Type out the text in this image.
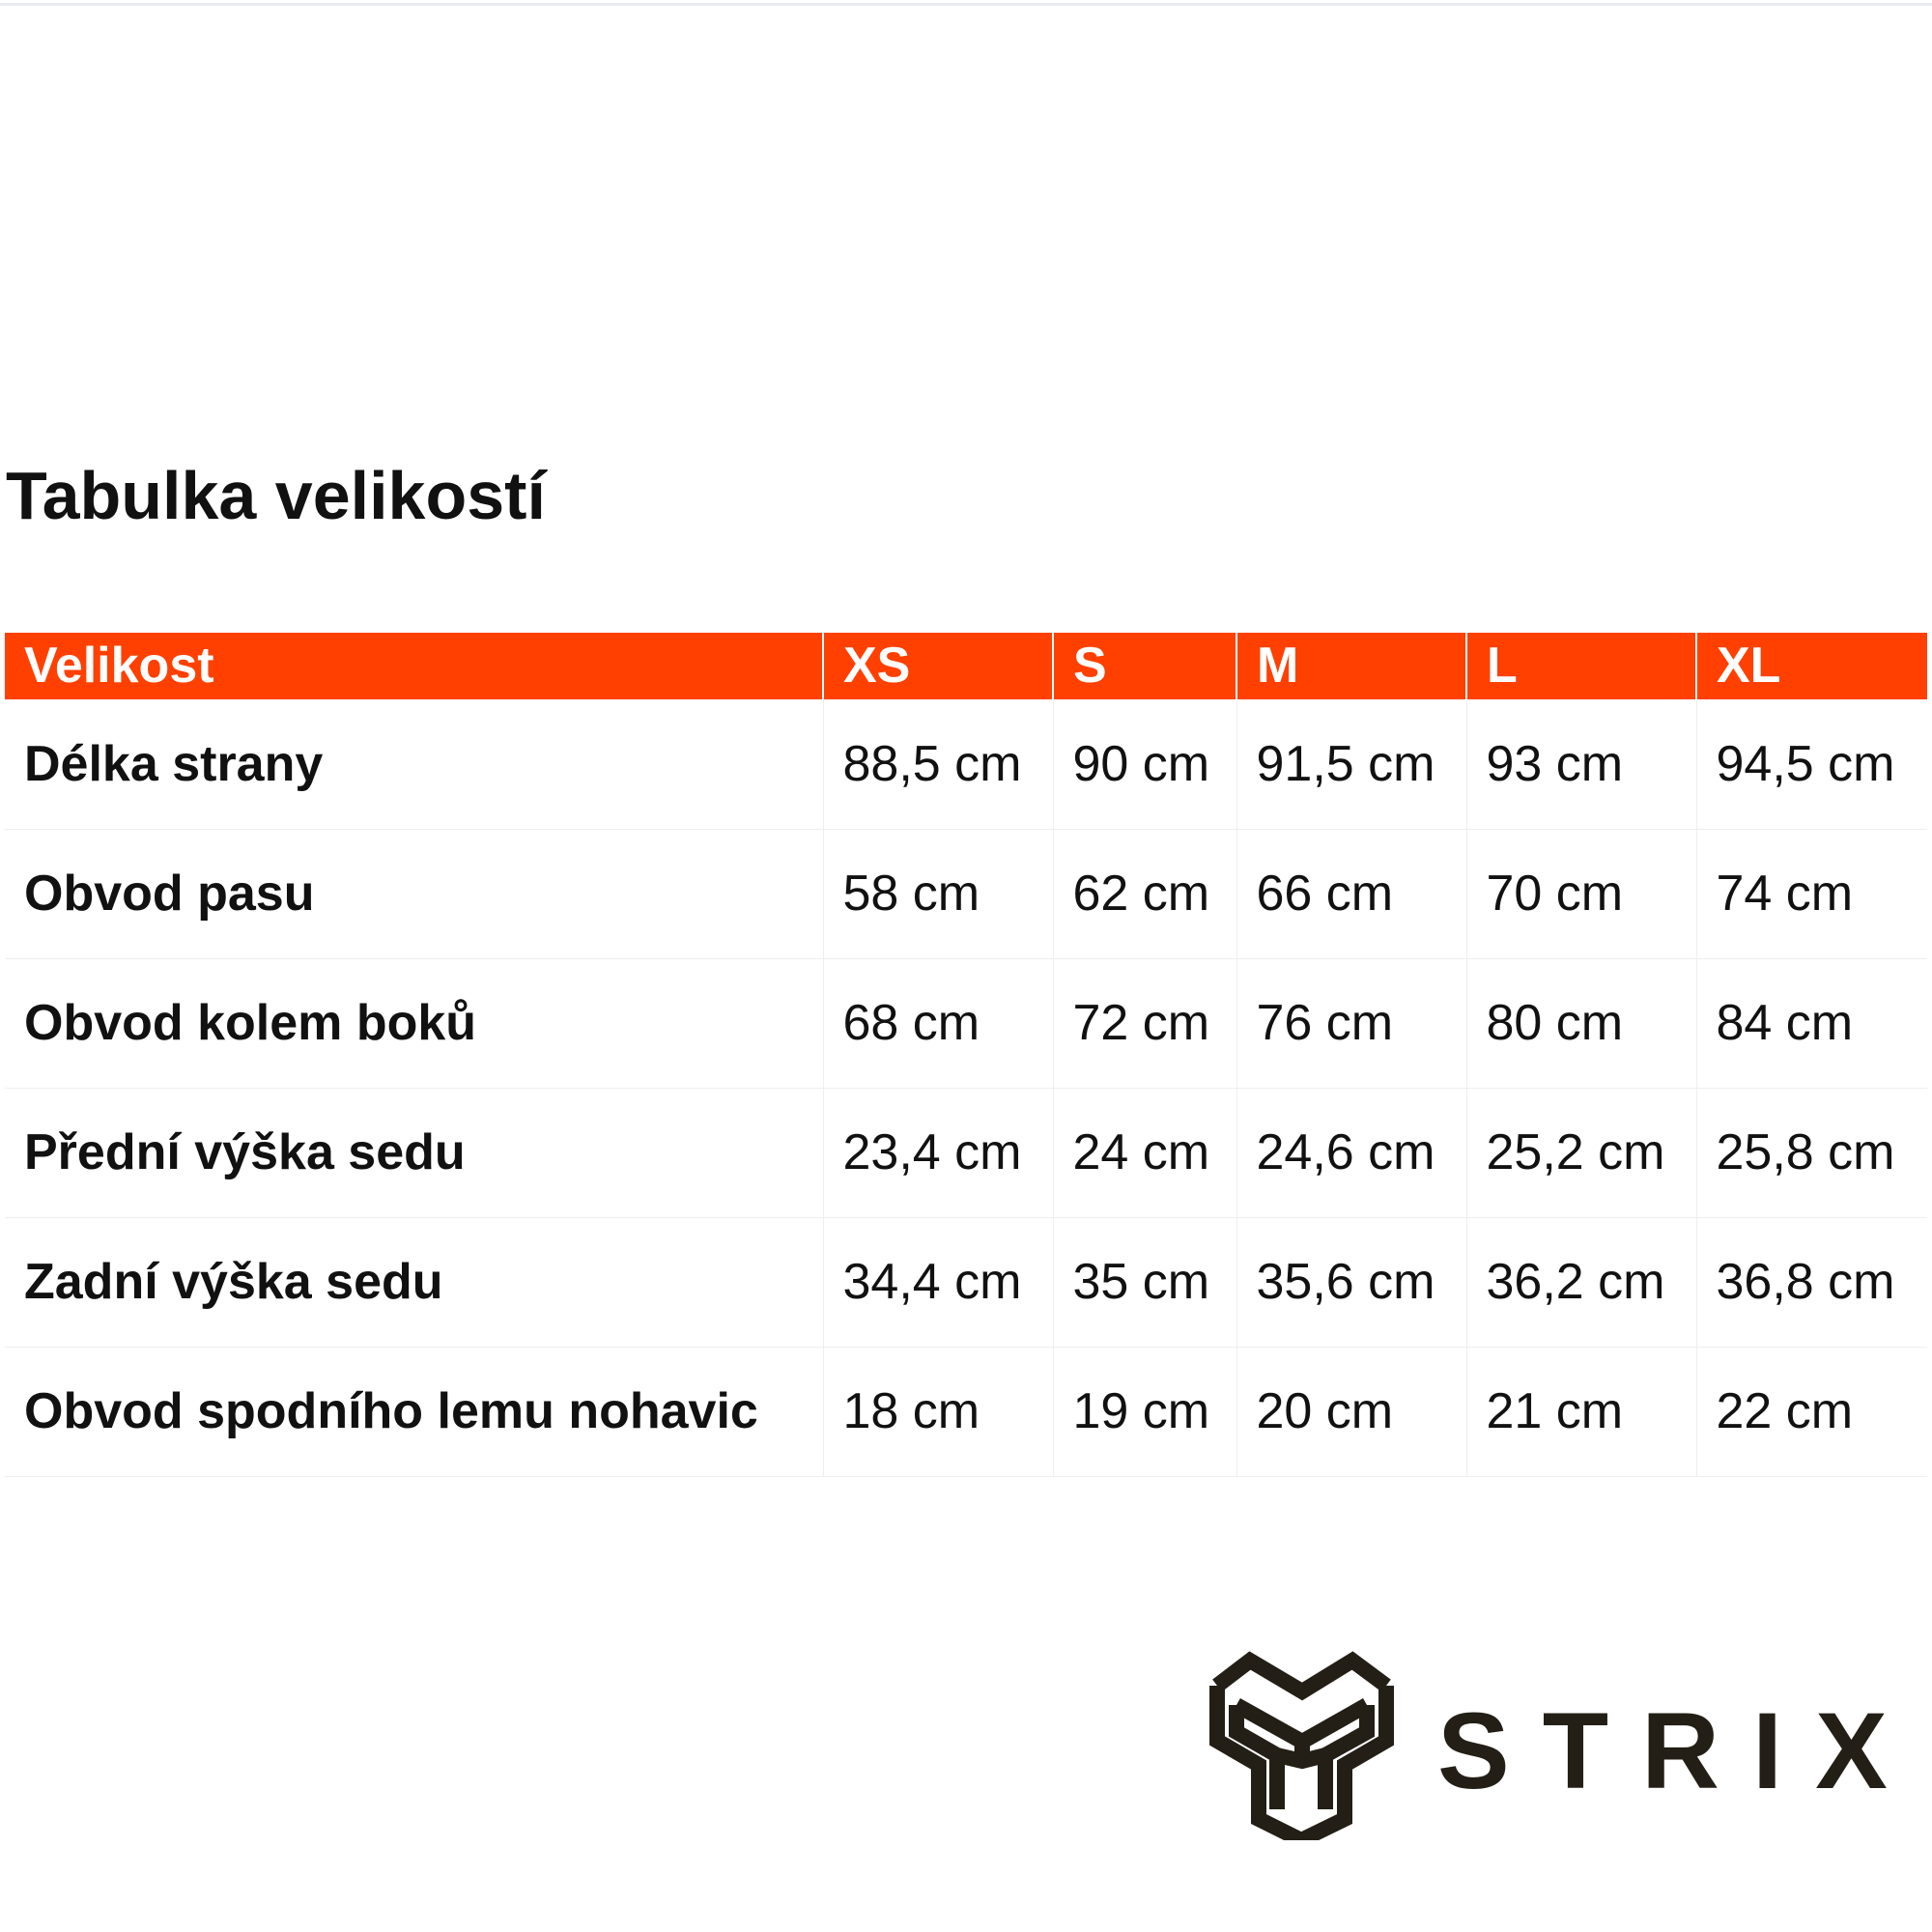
Tabulka velikostí
Velikost	XS	S	M	L	XL
Délka strany	88,5 cm	90 cm	91,5 cm	93 cm	94,5 cm
Obvod pasu	58 cm	62 cm	66 cm	70 cm	74 cm
Obvod kolem boků	68 cm	72 cm	76 cm	80 cm	84 cm
Přední výška sedu	23,4 cm	24 cm	24,6 cm	25,2 cm	25,8 cm
Zadní výška sedu	34,4 cm	35 cm	35,6 cm	36,2 cm	36,8 cm
Obvod spodního lemu nohavic	18 cm	19 cm	20 cm	21 cm	22 cm
STRIX
